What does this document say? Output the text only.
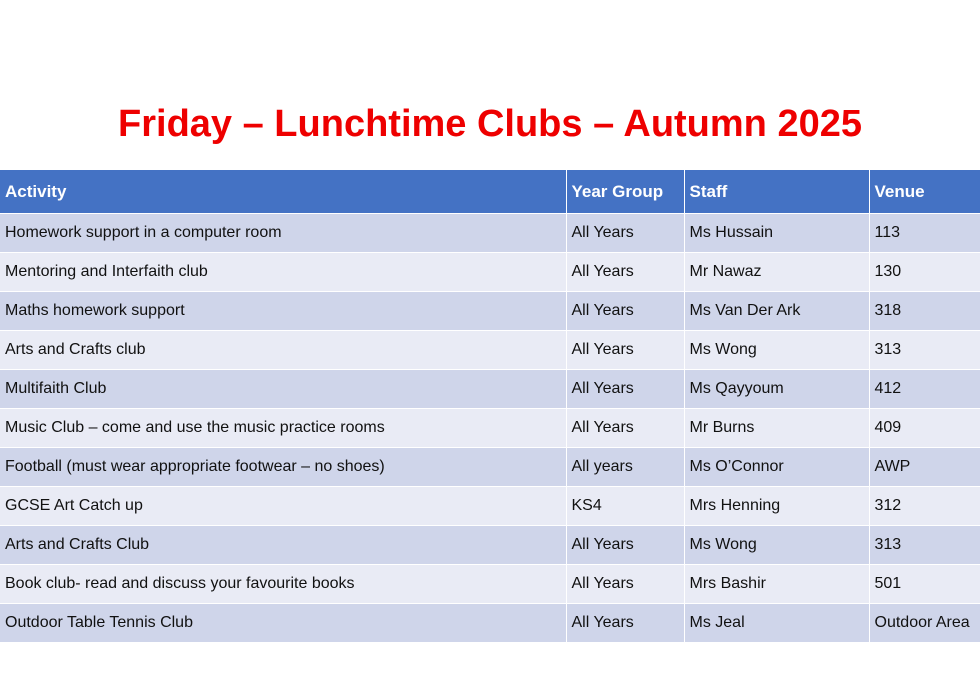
Friday – Lunchtime Clubs – Autumn 2025
Activity	Year Group	Staff	Venue
Homework support in a computer room	All Years	Ms Hussain	113
Mentoring and Interfaith club	All Years	Mr Nawaz	130
Maths homework support	All Years	Ms Van Der Ark	318
Arts and Crafts club	All Years	Ms Wong	313
Multifaith Club	All Years	Ms Qayyoum	412
Music Club – come and use the music practice rooms	All Years	Mr Burns	409
Football (must wear appropriate footwear – no shoes)	All years	Ms O’Connor	AWP
GCSE Art Catch up	KS4	Mrs Henning	312
Arts and Crafts Club	All Years	Ms Wong	313
Book club- read and discuss your favourite books	All Years	Mrs Bashir	501
Outdoor Table Tennis Club	All Years	Ms Jeal	Outdoor Area
